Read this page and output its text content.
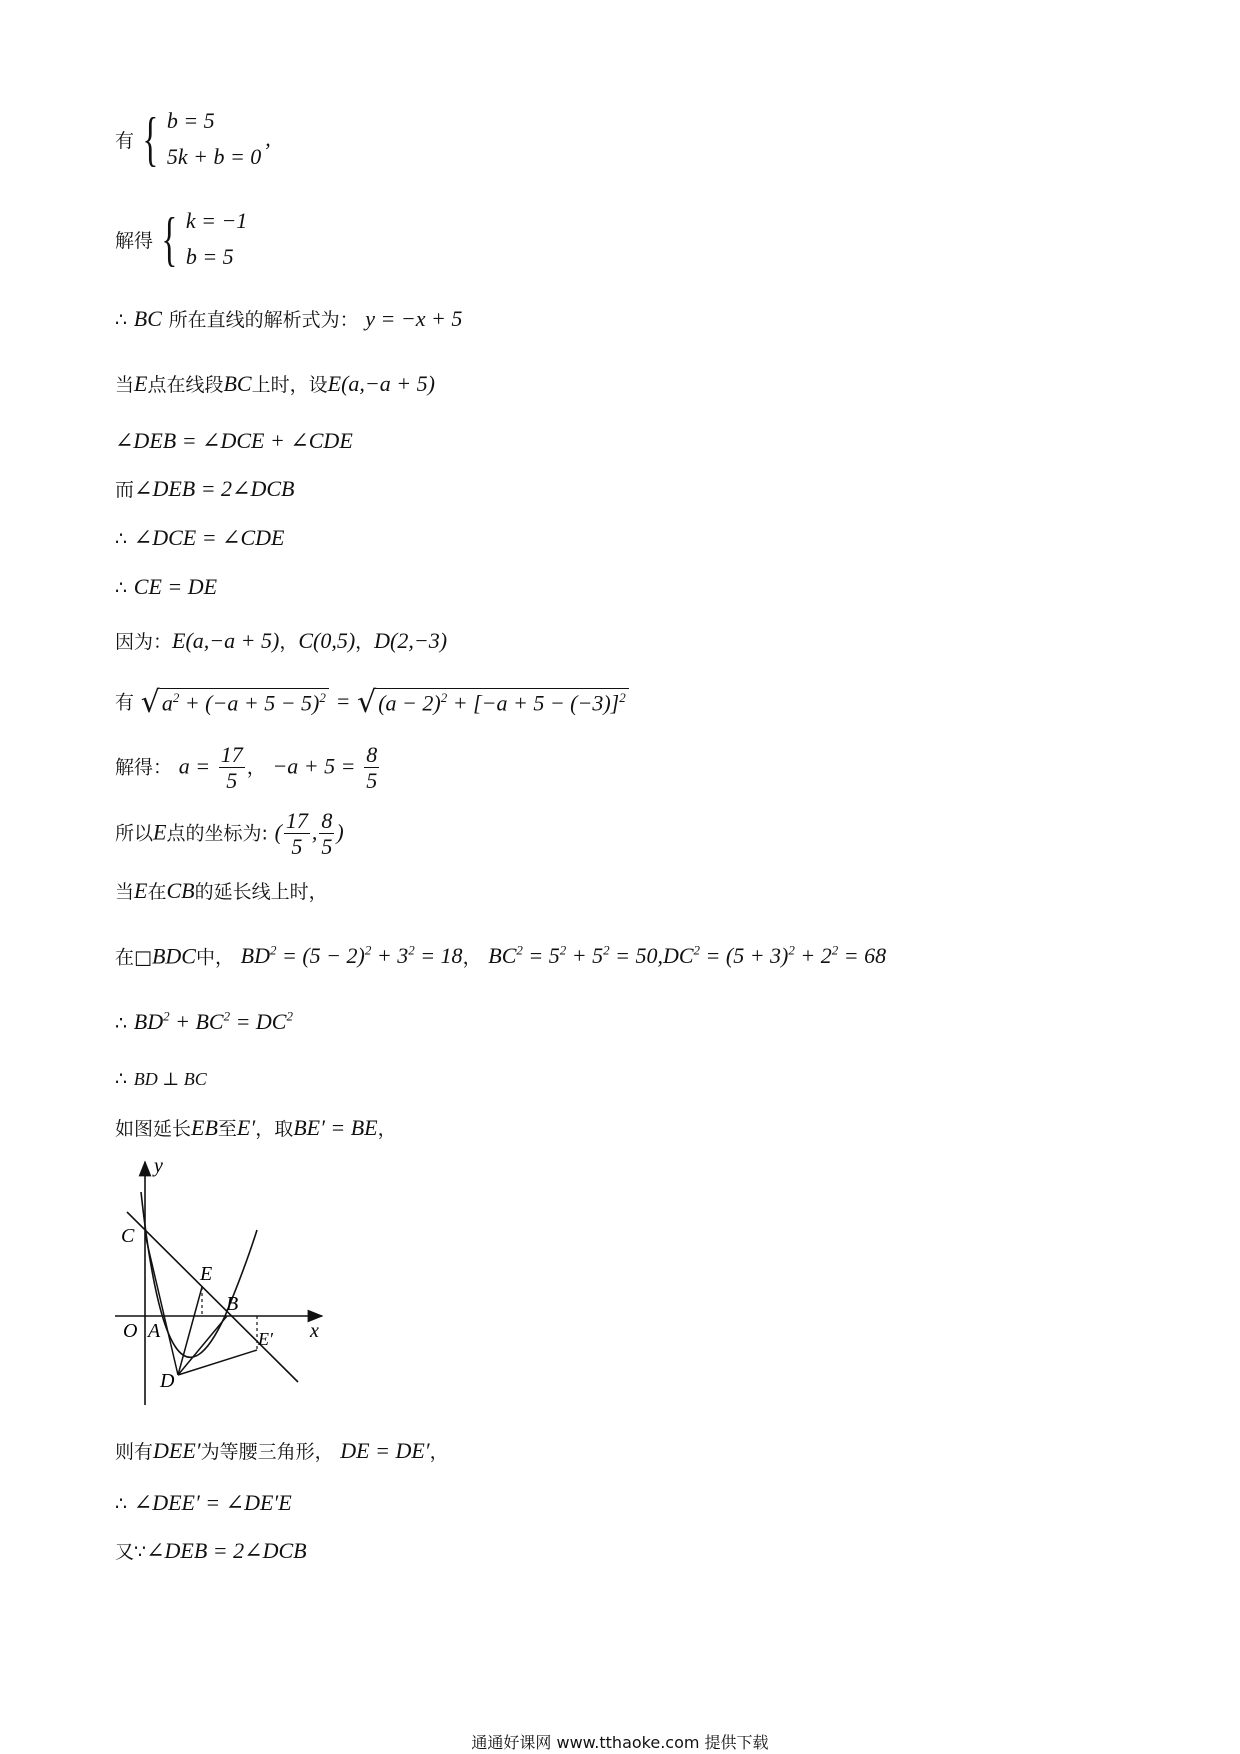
有 { b = 5
5k + b = 0
,
解得 { k = −1
b = 5
∴ BC 所在直线的解析式为： y = −x + 5
当E点在线段BC上时，设E(a,−a + 5)
∠DEB = ∠DCE + ∠CDE
而∠DEB = 2∠DCB
∴ ∠DCE = ∠CDE
∴ CE = DE
因为：E(a,−a + 5)，C(0,5)，D(2,−3)
有 √ $a^2 + (-a + 5 - 5)^2$ = √ $(a - 2)^2 + [-a + 5 - (-3)]^2$
解得： $a = \frac{17}{5}$ ， $-a + 5 = \frac{8}{5}$
所以E点的坐标为: ( $\frac{17}{5}$ , $\frac{8}{5}$ )
当E在CB的延长线上时，
在□BDC中， $BD^2 = (5 - 2)^2 + 3^2 = 18$， $BC^2 = 5^2 + 5^2 = 50,DC^2 = (5 + 3)^2 + 2^2 = 68$
∴ $BD^2 + BC^2 = DC^2$
∴ BD ⊥ BC
如图延长EB至E′，取BE′ = BE，
y
C
E
B
O A	x
E′
D
则有DEE′为等腰三角形， DE = DE′，
∴ ∠DEE′ = ∠DE′E
又∵∠DEB = 2∠DCB
通通好课网 www.tthaoke.com 提供下载
